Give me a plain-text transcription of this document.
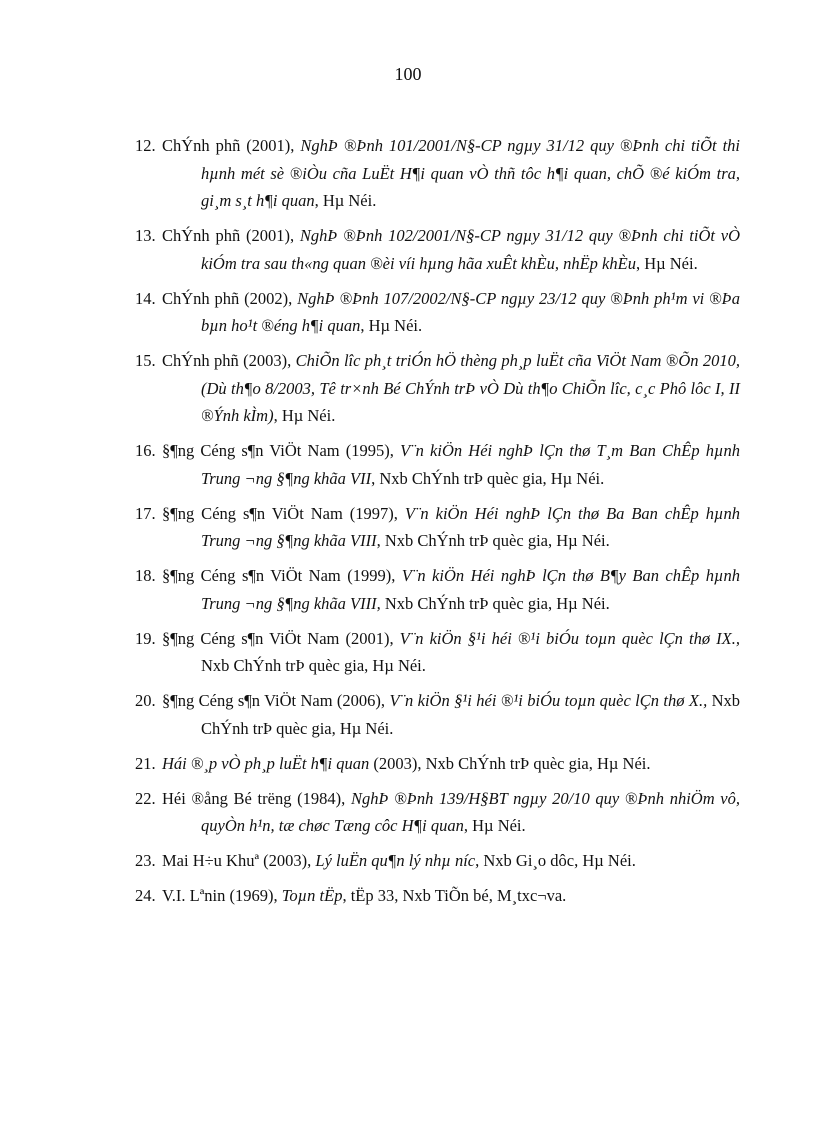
100
12. ChÝnh phñ (2001), NghÞ ®Þnh 101/2001/N§-CP ngµy 31/12 quy ®Þnh chi tiÕt thi hµnh mét sè ®iÒu cña LuËt H¶i quan vÒ thñ tôc h¶i quan, chÕ ®é kiÓm tra, gi¸m s¸t h¶i quan, Hµ Néi.
13. ChÝnh phñ (2001), NghÞ ®Þnh 102/2001/N§-CP ngµy 31/12 quy ®Þnh chi tiÕt vÒ kiÓm tra sau th«ng quan ®èi víi hµng hãa xuÊt khÈu, nhËp khÈu, Hµ Néi.
14. ChÝnh phñ (2002), NghÞ ®Þnh 107/2002/N§-CP ngµy 23/12 quy ®Þnh ph¹m vi ®Þa bµn ho¹t ®éng h¶i quan, Hµ Néi.
15. ChÝnh phñ (2003), ChiÕn lîc ph¸t triÓn hÖ thèng ph¸p luËt cña ViÖt Nam ®Õn 2010, (Dù th¶o 8/2003, Tê tr×nh Bé ChÝnh trÞ vÒ Dù th¶o ChiÕn lîc, c¸c Phô lôc I, II ®Ýnh kÌm), Hµ Néi.
16. §¶ng Céng s¶n ViÖt Nam (1995), V¨n kiÖn Héi nghÞ lÇn thø T¸m Ban ChÊp hµnh Trung ¬ng §¶ng khãa VII, Nxb ChÝnh trÞ quèc gia, Hµ Néi.
17. §¶ng Céng s¶n ViÖt Nam (1997), V¨n kiÖn Héi nghÞ lÇn thø Ba Ban chÊp hµnh Trung ¬ng §¶ng khãa VIII, Nxb ChÝnh trÞ quèc gia, Hµ Néi.
18. §¶ng Céng s¶n ViÖt Nam (1999), V¨n kiÖn Héi nghÞ lÇn thø B¶y Ban chÊp hµnh Trung ¬ng §¶ng khãa VIII, Nxb ChÝnh trÞ quèc gia, Hµ Néi.
19. §¶ng Céng s¶n ViÖt Nam (2001), V¨n kiÖn §¹i héi ®¹i biÓu toµn quèc lÇn thø IX., Nxb ChÝnh trÞ quèc gia, Hµ Néi.
20. §¶ng Céng s¶n ViÖt Nam (2006), V¨n kiÖn §¹i héi ®¹i biÓu toµn quèc lÇn thø X., Nxb ChÝnh trÞ quèc gia, Hµ Néi.
21. Hái ®¸p vÒ ph¸p luËt h¶i quan (2003), Nxb ChÝnh trÞ quèc gia, Hµ Néi.
22. Héi ®ång Bé trëng (1984), NghÞ ®Þnh 139/H§BT ngµy 20/10 quy ®Þnh nhiÖm vô, quyÒn h¹n, tæ chøc Tæng côc H¶i quan, Hµ Néi.
23. Mai H÷u Khuª (2003), Lý luËn qu¶n lý nhµ níc, Nxb Gi¸o dôc, Hµ Néi.
24. V.I. Lªnin (1969), Toµn tËp, tËp 33, Nxb TiÕn bé, M¸txc¬va.
